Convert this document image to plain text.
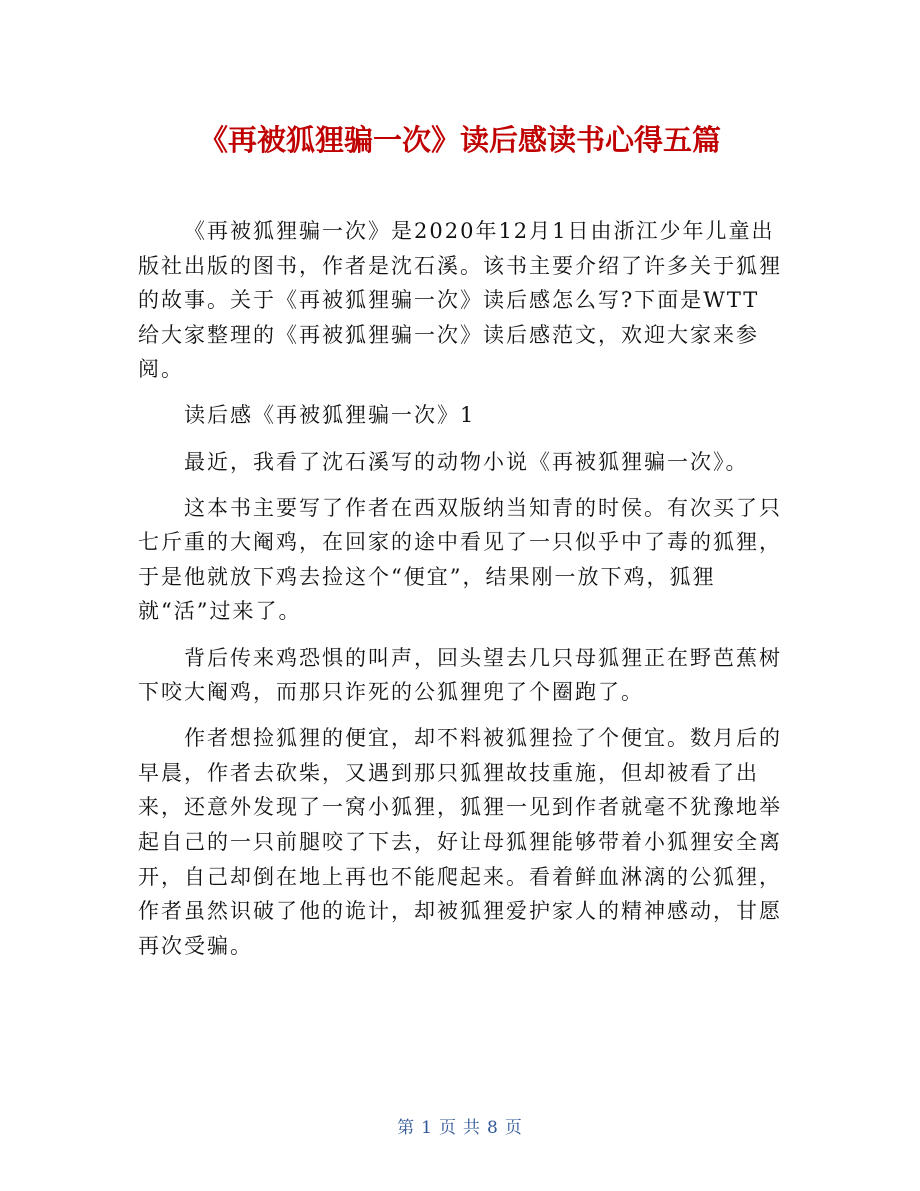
《再被狐狸骗一次》读后感读书心得五篇

《再被狐狸骗一次》是2020年12月1日由浙江少年儿童出版社出版的图书，作者是沈石溪。该书主要介绍了许多关于狐狸的故事。关于《再被狐狸骗一次》读后感怎么写?下面是WTT给大家整理的《再被狐狸骗一次》读后感范文，欢迎大家来参阅。

读后感《再被狐狸骗一次》1

最近，我看了沈石溪写的动物小说《再被狐狸骗一次》。

这本书主要写了作者在西双版纳当知青的时侯。有次买了只七斤重的大阉鸡，在回家的途中看见了一只似乎中了毒的狐狸，于是他就放下鸡去捡这个“便宜”，结果刚一放下鸡，狐狸就“活”过来了。

背后传来鸡恐惧的叫声，回头望去几只母狐狸正在野芭蕉树下咬大阉鸡，而那只诈死的公狐狸兜了个圈跑了。

作者想捡狐狸的便宜，却不料被狐狸捡了个便宜。数月后的早晨，作者去砍柴，又遇到那只狐狸故技重施，但却被看了出来，还意外发现了一窝小狐狸，狐狸一见到作者就毫不犹豫地举起自己的一只前腿咬了下去，好让母狐狸能够带着小狐狸安全离开，自己却倒在地上再也不能爬起来。看着鲜血淋漓的公狐狸，作者虽然识破了他的诡计，却被狐狸爱护家人的精神感动，甘愿再次受骗。

第 1 页 共 8 页
